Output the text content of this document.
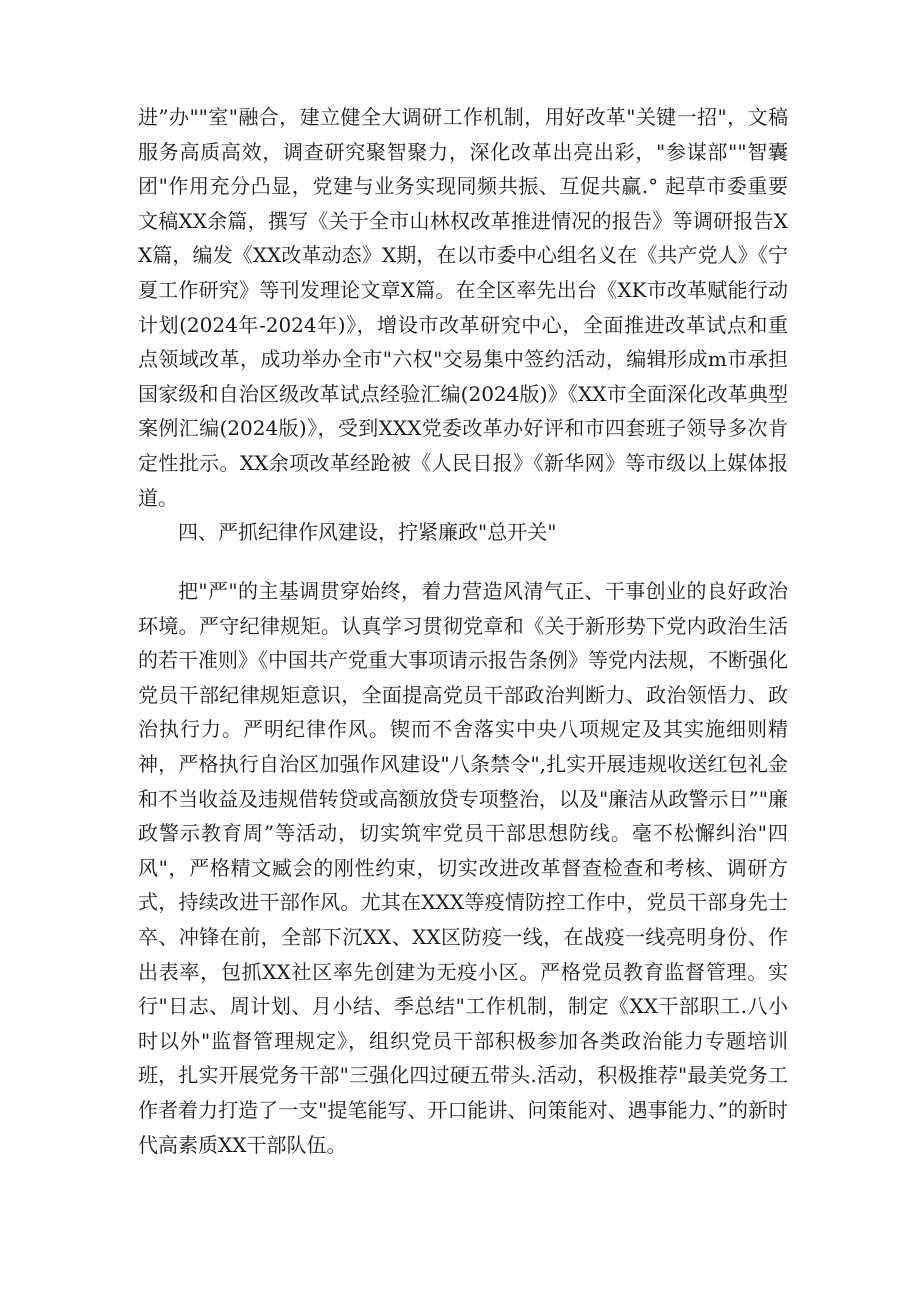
进”办""室"融合，建立健全大调研工作机制，用好改革"关键一招"，文稿服务高质高效，调查研究聚智聚力，深化改革出亮出彩，"参谋部""智囊团"作用充分凸显，党建与业务实现同频共振、互促共赢.° 起草市委重要文稿XX余篇，撰写《关于全市山林权改革推进情况的报告》等调研报告XX篇，编发《XX改革动态》X期，在以市委中心组名义在《共产党人》《宁夏工作研究》等刊发理论文章X篇。在全区率先出台《XK市改革赋能行动计划(2024年-2024年)》，增设市改革研究中心，全面推进改革试点和重点领域改革，成功举办全市"六权"交易集中签约活动，编辑形成m市承担国家级和自治区级改革试点经验汇编(2024版)》《XX市全面深化改革典型案例汇编(2024版)》，受到XXX党委改革办好评和市四套班子领导多次肯定性批示。XX余项改革经跄被《人民日报》《新华网》等市级以上媒体报道。

四、严抓纪律作风建设，拧紧廉政"总开关"

把"严"的主基调贯穿始终，着力营造风清气正、干事创业的良好政治环境。严守纪律规矩。认真学习贯彻党章和《关于新形势下党内政治生活的若干准则》《中国共产党重大事项请示报告条例》等党内法规，不断强化党员干部纪律规矩意识，全面提高党员干部政治判断力、政治领悟力、政治执行力。严明纪律作风。锲而不舍落实中央八项规定及其实施细则精神，严格执行自治区加强作风建设"八条禁令",扎实开展违规收送红包礼金和不当收益及违规借转贷或高额放贷专项整治，以及"廉洁从政警示日”"廉政警示教育周”等活动，切实筑牢党员干部思想防线。毫不松懈纠治"四风"，严格精文臧会的刚性约束，切实改进改革督查检查和考核、调研方式，持续改进干部作风。尤其在XXX等疫情防控工作中，党员干部身先士卒、冲锋在前，全部下沉XX、XX区防疫一线，在战疫一线亮明身份、作出表率，包抓XX社区率先创建为无疫小区。严格党员教育监督管理。实行"日志、周计划、月小结、季总结"工作机制，制定《XX干部职工.八小时以外"监督管理规定》，组织党员干部积极参加各类政治能力专题培训班，扎实开展党务干部"三强化四过硬五带头.活动，积极推荐"最美党务工作者着力打造了一支"提笔能写、开口能讲、问策能对、遇事能力、”的新时代高素质XX干部队伍。
